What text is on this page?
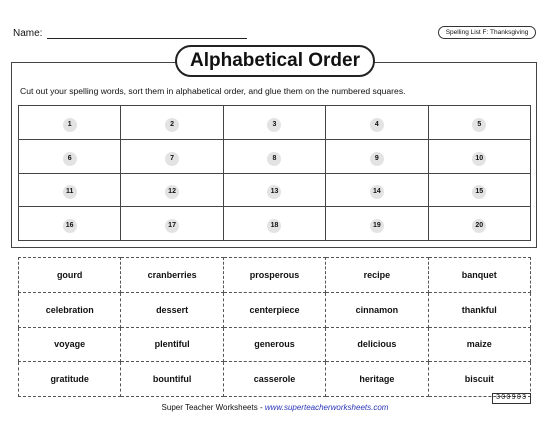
Name:	Spelling List F: Thanksgiving
Alphabetical Order
Cut out your spelling words, sort them in alphabetical order, and glue them on the numbered squares.
1	2	3	4	5
6	7	8	9	10
11	12	13	14	15
16	17	18	19	20
gourd	cranberries	prosperous	recipe	banquet
celebration	dessert	centerpiece	cinnamon	thankful
voyage	plentiful	generous	delicious	maize
gratitude	bountiful	casserole	heritage	biscuit
300903
Super Teacher Worksheets - www.superteacherworksheets.com
